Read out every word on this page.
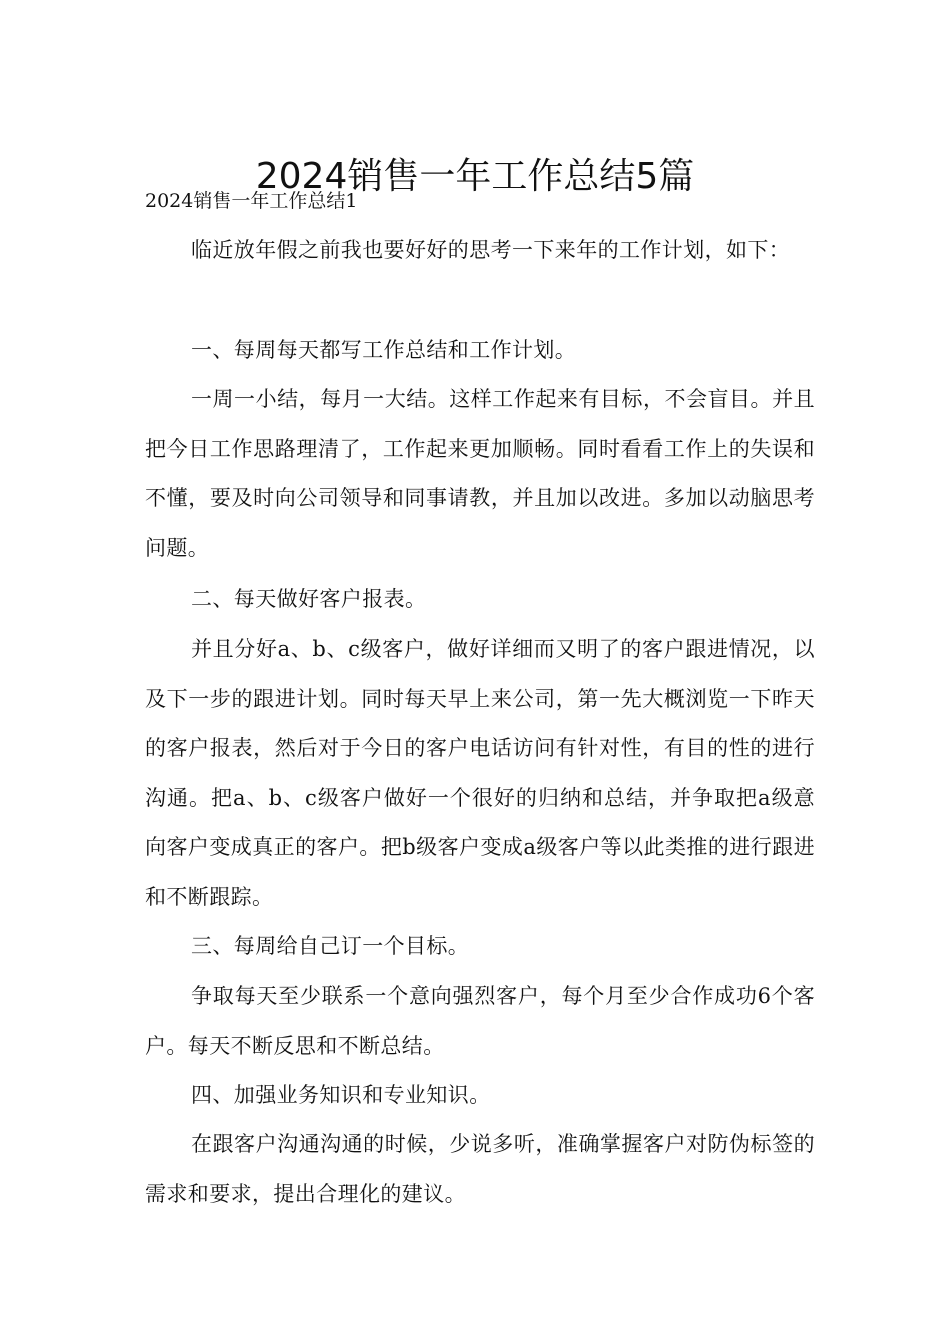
2024销售一年工作总结5篇
2024销售一年工作总结1

临近放年假之前我也要好好的思考一下来年的工作计划，如下：

一、每周每天都写工作总结和工作计划。

一周一小结，每月一大结。这样工作起来有目标，不会盲目。并且把今日工作思路理清了，工作起来更加顺畅。同时看看工作上的失误和不懂，要及时向公司领导和同事请教，并且加以改进。多加以动脑思考问题。

二、每天做好客户报表。

并且分好a、b、c级客户，做好详细而又明了的客户跟进情况，以及下一步的跟进计划。同时每天早上来公司，第一先大概浏览一下昨天的客户报表，然后对于今日的客户电话访问有针对性，有目的性的进行沟通。把a、b、c级客户做好一个很好的归纳和总结，并争取把a级意向客户变成真正的客户。把b级客户变成a级客户等以此类推的进行跟进和不断跟踪。

三、每周给自己订一个目标。

争取每天至少联系一个意向强烈客户，每个月至少合作成功6个客户。每天不断反思和不断总结。

四、加强业务知识和专业知识。

在跟客户沟通沟通的时候，少说多听，准确掌握客户对防伪标签的需求和要求，提出合理化的建议。
